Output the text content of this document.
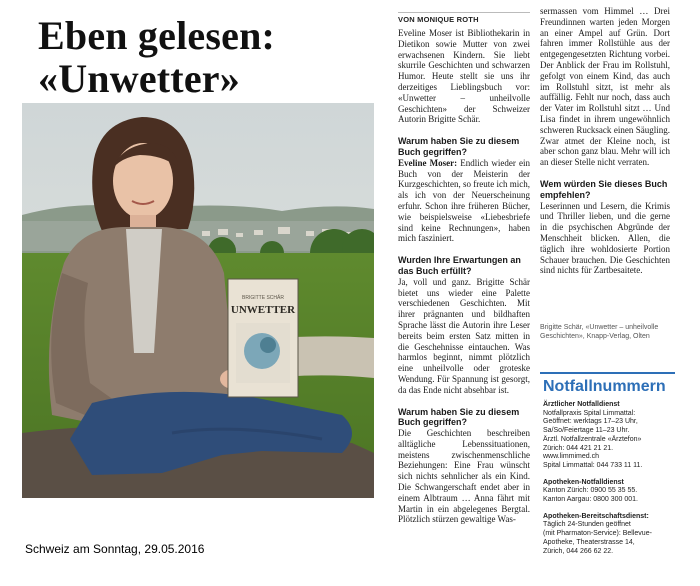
Eben gelesen:
«Unwetter»
BRIGITTE SCHÄR
UNWETTER
Schweiz am Sonntag, 29.05.2016
VON MONIQUE ROTH

Eveline Moser ist Bibliothekarin in Dietikon sowie Mutter von zwei erwachsenen Kindern. Sie liebt skurrile Geschichten und schwarzen Humor. Heute stellt sie uns ihr derzeitiges Lieblingsbuch vor: «Unwetter – unheilvolle Geschichten» der Schweizer Autorin Brigitte Schär.

Warum haben Sie zu diesem Buch gegriffen?

Eveline Moser: Endlich wieder ein Buch von der Meisterin der Kurzgeschichten, so freute ich mich, als ich von der Neuerscheinung erfuhr. Schon ihre früheren Bücher, wie beispielsweise «Liebesbriefe sind keine Rechnungen», haben mich fasziniert.

Wurden Ihre Erwartungen an das Buch erfüllt?

Ja, voll und ganz. Brigitte Schär bietet uns wieder eine Palette verschiedenen Geschichten. Mit ihrer prägnanten und bildhaften Sprache lässt die Autorin ihre Leser bereits beim ersten Satz mitten in die Geschehnisse eintauchen. Was harmlos beginnt, nimmt plötzlich eine unheilvolle oder groteske Wendung. Für Spannung ist gesorgt, da das Ende nicht absehbar ist.

Warum haben Sie zu diesem Buch gegriffen?

Die Geschichten beschreiben alltägliche Lebenssituationen, meistens zwischenmenschliche Beziehungen: Eine Frau wünscht sich nichts sehnlicher als ein Kind. Die Schwangerschaft endet aber in einem Albtraum … Anna fährt mit Martin in ein abgelegenes Bergtal. Plötzlich stürzen gewaltige Was-

sermassen vom Himmel … Drei Freundinnen warten jeden Morgen an einer Ampel auf Grün. Dort fahren immer Rollstühle aus der entgegengesetzten Richtung vorbei. Der Anblick der Frau im Rollstuhl, gefolgt von einem Kind, das auch im Rollstuhl sitzt, ist mehr als auffällig. Fehlt nur noch, dass auch der Vater im Rollstuhl sitzt … Und Lisa findet in ihrem ungewöhnlich schweren Rucksack einen Säugling. Zwar atmet der Kleine noch, ist aber schon ganz blau. Mehr will ich an dieser Stelle nicht verraten.

Wem würden Sie dieses Buch empfehlen?

Leserinnen und Lesern, die Krimis und Thriller lieben, und die gerne in die psychischen Abgründe der Menschheit blicken. Allen, die täglich ihre wohldosierte Portion Schauer brauchen. Die Geschichten sind nichts für Zartbesaitete.

Brigitte Schär, «Unwetter – unheilvolle Geschichten», Knapp-Verlag, Olten
Notfallnummern
Ärztlicher Notfalldienst
Notfallpraxis Spital Limmattal:
Geöffnet: werktags 17–23 Uhr,
Sa/So/Feiertage 11–23 Uhr.
Ärztl. Notfallzentrale «Ärztefon»
Zürich: 044 421 21 21.
www.limmimed.ch
Spital Limmattal: 044 733 11 11.
Apotheken-Notfalldienst
Kanton Zürich: 0900 55 35 55.
Kanton Aargau: 0800 300 001.
Apotheken-Bereitschaftsdienst:
Täglich 24-Stunden geöffnet
(mit Pharmaton-Service): Bellevue-
Apotheke, Theaterstrasse 14,
Zürich, 044 266 62 22.
